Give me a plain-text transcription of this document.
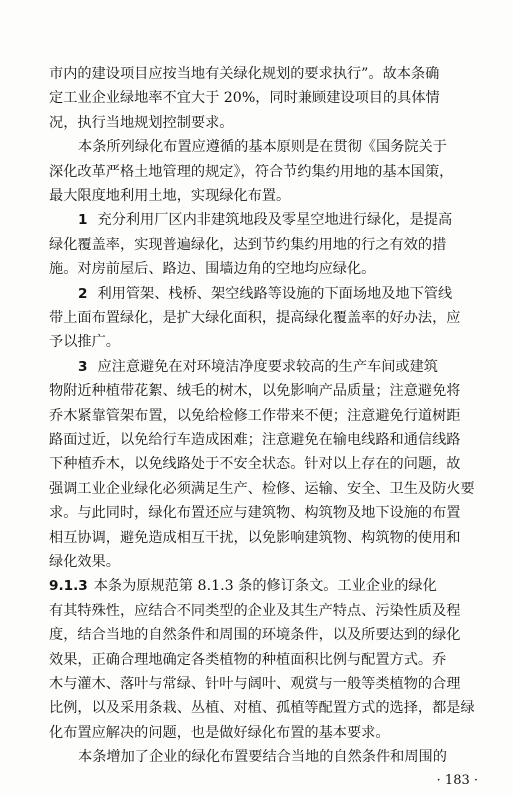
市内的建设项目应按当地有关绿化规划的要求执行”。故本条确
定工业企业绿地率不宜大于 20%，同时兼顾建设项目的具体情
况，执行当地规划控制要求。
本条所列绿化布置应遵循的基本原则是在贯彻《国务院关于
深化改革严格土地管理的规定》，符合节约集约用地的基本国策，
最大限度地利用土地，实现绿化布置。
1 充分利用厂区内非建筑地段及零星空地进行绿化，是提高
绿化覆盖率，实现普遍绿化，达到节约集约用地的行之有效的措
施。对房前屋后、路边、围墙边角的空地均应绿化。
2 利用管架、栈桥、架空线路等设施的下面场地及地下管线
带上面布置绿化，是扩大绿化面积，提高绿化覆盖率的好办法，应
予以推广。
3 应注意避免在对环境洁净度要求较高的生产车间或建筑
物附近种植带花絮、绒毛的树木，以免影响产品质量；注意避免将
乔木紧靠管架布置，以免给检修工作带来不便；注意避免行道树距
路面过近，以免给行车造成困难；注意避免在输电线路和通信线路
下种植乔木，以免线路处于不安全状态。针对以上存在的问题，故
强调工业企业绿化必须满足生产、检修、运输、安全、卫生及防火要
求。与此同时，绿化布置还应与建筑物、构筑物及地下设施的布置
相互协调，避免造成相互干扰，以免影响建筑物、构筑物的使用和
绿化效果。
9.1.3 本条为原规范第 8.1.3 条的修订条文。工业企业的绿化
有其特殊性，应结合不同类型的企业及其生产特点、污染性质及程
度，结合当地的自然条件和周围的环境条件，以及所要达到的绿化
效果，正确合理地确定各类植物的种植面积比例与配置方式。乔
木与灌木、落叶与常绿、针叶与阔叶、观赏与一般等类植物的合理
比例，以及采用条栽、丛植、对植、孤植等配置方式的选择，都是绿
化布置应解决的问题，也是做好绿化布置的基本要求。
本条增加了企业的绿化布置要结合当地的自然条件和周围的
· 183 ·
